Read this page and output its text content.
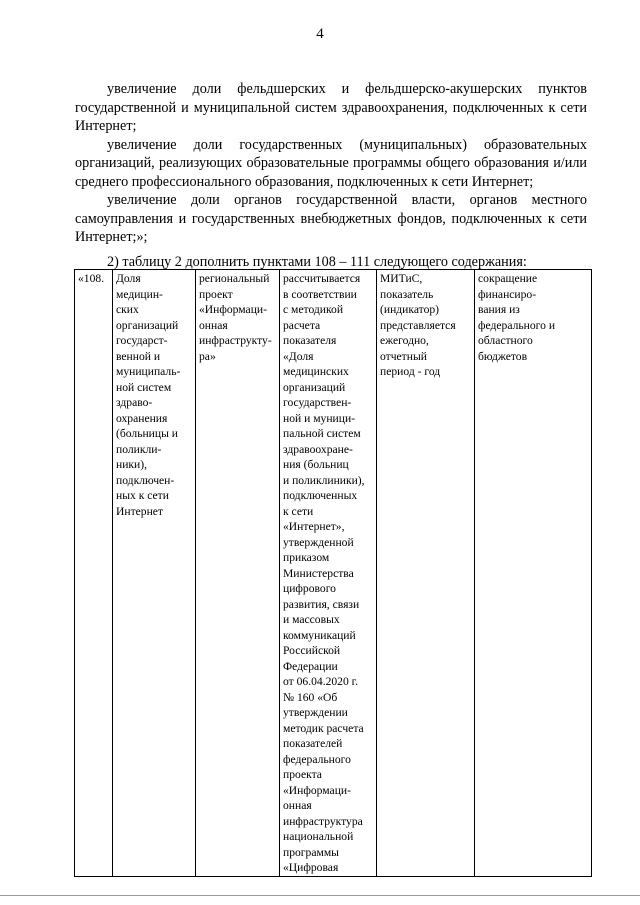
4

увеличение доли фельдшерских и фельдшерско-акушерских пунктов государственной и муниципальной систем здравоохранения, подключенных к сети Интернет;

увеличение доли государственных (муниципальных) образовательных организаций, реализующих образовательные программы общего образования и/или среднего профессионального образования, подключенных к сети Интернет;

увеличение доли органов государственной власти, органов местного самоуправления и государственных внебюджетных фондов, подключенных к сети Интернет;»;

2) таблицу 2 дополнить пунктами 108 – 111 следующего содержания:

«108.	Доля
медицин-
ских
организаций
государст-
венной и
муниципаль-
ной систем
здраво-
охранения
(больницы и
поликли-
ники),
подключен-
ных к сети
Интернет	региональный
проект
«Информаци-
онная
инфраструкту-
ра»	рассчитывается
в соответствии
с методикой
расчета
показателя
«Доля
медицинских
организаций
государствен-
ной и муници-
пальной систем
здравоохране-
ния (больниц
и поликлиники),
подключенных
к сети
«Интернет»,
утвержденной
приказом
Министерства
цифрового
развития, связи
и массовых
коммуникаций
Российской
Федерации
от 06.04.2020 г.
№ 160 «Об
утверждении
методик расчета
показателей
федерального
проекта
«Информаци-
онная
инфраструктура
национальной
программы
«Цифровая	МИТиС,
показатель
(индикатор)
представляется
ежегодно,
отчетный
период - год	сокращение
финансиро-
вания из
федерального и
областного
бюджетов
